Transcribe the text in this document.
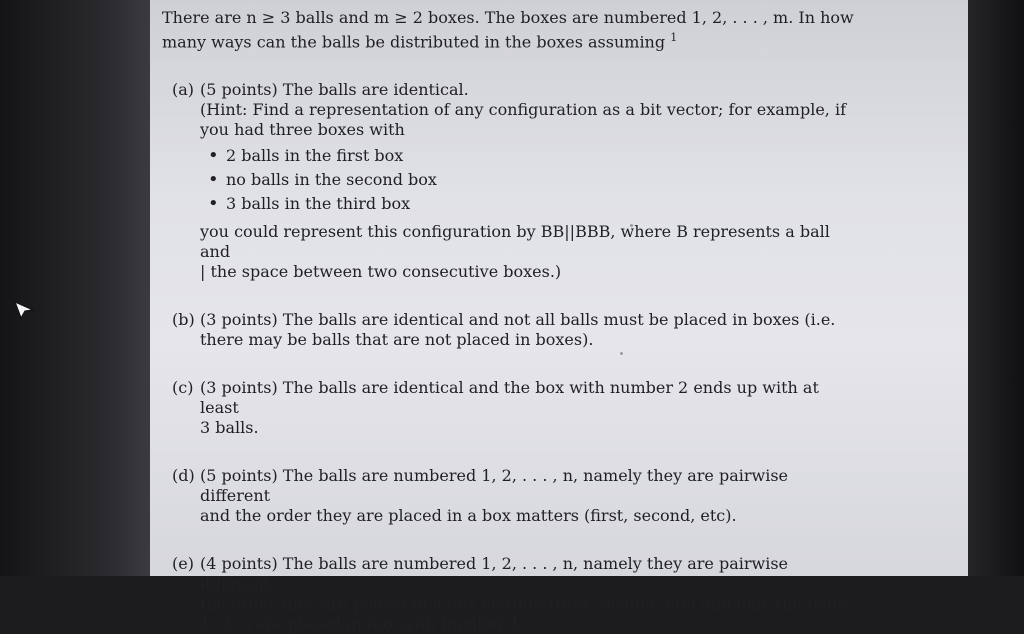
There are n ≥ 3 balls and m ≥ 2 boxes. The boxes are numbered 1, 2, . . . , m. In how
many ways can the balls be distributed in the boxes assuming $^1$
(a) (5 points) The balls are identical.
(Hint: Find a representation of any configuration as a bit vector; for example, if
you had three boxes with
• 2 balls in the first box
• no balls in the second box
• 3 balls in the third box
you could represent this configuration by BB||BBB, where B represents a ball and
| the space between two consecutive boxes.)
(b) (3 points) The balls are identical and not all balls must be placed in boxes (i.e.
there may be balls that are not placed in boxes).
(c) (3 points) The balls are identical and the box with number 2 ends up with at least
3 balls.
(d) (5 points) The balls are numbered 1, 2, . . . , n, namely they are pairwise different
and the order they are placed in a box matters (first, second, etc).
(e) (4 points) The balls are numbered 1, 2, . . . , n, namely they are pairwise different,
the order they are placed in a box matters (first, second, etc) and only the balls
1, 2, 3 are placed in box with number 1.
